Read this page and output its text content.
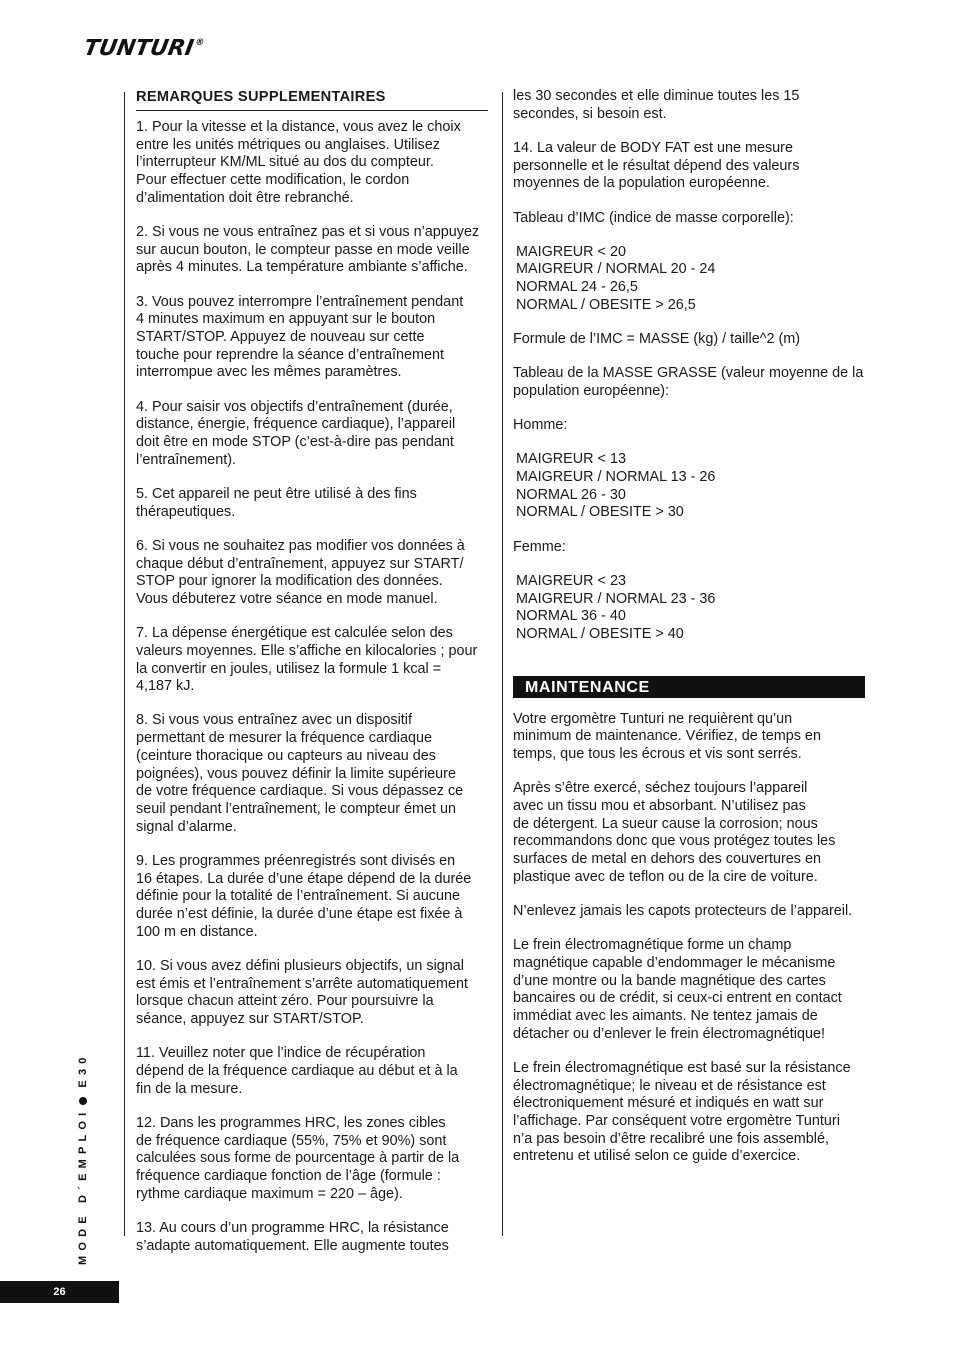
TUNTURI®
REMARQUES SUPPLEMENTAIRES

1. Pour la vitesse et la distance, vous avez le choix
entre les unités métriques ou anglaises. Utilisez
l’interrupteur KM/ML situé au dos du compteur.
Pour effectuer cette modification, le cordon
d’alimentation doit être rebranché.

2. Si vous ne vous entraînez pas et si vous n’appuyez
sur aucun bouton, le compteur passe en mode veille
après 4 minutes. La température ambiante s’affiche.

3. Vous pouvez interrompre l’entraînement pendant
4 minutes maximum en appuyant sur le bouton
START/STOP. Appuyez de nouveau sur cette
touche pour reprendre la séance d’entraînement
interrompue avec les mêmes paramètres.

4. Pour saisir vos objectifs d’entraînement (durée,
distance, énergie, fréquence cardiaque), l’appareil
doit être en mode STOP (c’est-à-dire pas pendant
l’entraînement).

5. Cet appareil ne peut être utilisé à des fins
thérapeutiques.

6. Si vous ne souhaitez pas modifier vos données à
chaque début d’entraînement, appuyez sur START/
STOP pour ignorer la modification des données.
Vous débuterez votre séance en mode manuel.

7. La dépense énergétique est calculée selon des
valeurs moyennes. Elle s’affiche en kilocalories ; pour
la convertir en joules, utilisez la formule 1 kcal =
4,187 kJ.

8. Si vous vous entraînez avec un dispositif
permettant de mesurer la fréquence cardiaque
(ceinture thoracique ou capteurs au niveau des
poignées), vous pouvez définir la limite supérieure
de votre fréquence cardiaque. Si vous dépassez ce
seuil pendant l’entraînement, le compteur émet un
signal d’alarme.

9. Les programmes préenregistrés sont divisés en
16 étapes. La durée d’une étape dépend de la durée
définie pour la totalité de l’entraînement. Si aucune
durée n’est définie, la durée d’une étape est fixée à
100 m en distance.

10. Si vous avez défini plusieurs objectifs, un signal
est émis et l’entraînement s’arrête automatiquement
lorsque chacun atteint zéro. Pour poursuivre la
séance, appuyez sur START/STOP.

11. Veuillez noter que l’indice de récupération
dépend de la fréquence cardiaque au début et à la
fin de la mesure.

12. Dans les programmes HRC, les zones cibles
de fréquence cardiaque (55%, 75% et 90%) sont
calculées sous forme de pourcentage à partir de la
fréquence cardiaque fonction de l’âge (formule :
rythme cardiaque maximum = 220 – âge).

13. Au cours d’un programme HRC, la résistance
s’adapte automatiquement. Elle augmente toutes

les 30 secondes et elle diminue toutes les 15
secondes, si besoin est.

14. La valeur de BODY FAT est une mesure
personnelle et le résultat dépend des valeurs
moyennes de la population européenne.

Tableau d’IMC (indice de masse corporelle):

MAIGREUR < 20
MAIGREUR / NORMAL 20 - 24
NORMAL 24 - 26,5
NORMAL / OBESITE > 26,5

Formule de l’IMC = MASSE (kg) / taille^2 (m)

Tableau de la MASSE GRASSE (valeur moyenne de la
population européenne):

Homme:

MAIGREUR < 13
MAIGREUR / NORMAL 13 - 26
NORMAL 26 - 30
NORMAL / OBESITE > 30

Femme:

MAIGREUR < 23
MAIGREUR / NORMAL 23 - 36
NORMAL 36 - 40
NORMAL / OBESITE > 40

MAINTENANCE

Votre ergomètre Tunturi ne requièrent qu’un
minimum de maintenance. Vérifiez, de temps en
temps, que tous les écrous et vis sont serrés.

Après s’être exercé, séchez toujours l’appareil
avec un tissu mou et absorbant. N’utilisez pas
de détergent. La sueur cause la corrosion; nous
recommandons donc que vous protégez toutes les
surfaces de metal en dehors des couvertures en
plastique avec de teflon ou de la cire de voiture.

N’enlevez jamais les capots protecteurs de l’appareil.

Le frein électromagnétique forme un champ
magnétique capable d’endommager le mécanisme
d’une montre ou la bande magnétique des cartes
bancaires ou de crédit, si ceux-ci entrent en contact
immédiat avec les aimants. Ne tentez jamais de
détacher ou d’enlever le frein électromagnétique!

Le frein électromagnétique est basé sur la résistance
électromagnétique; le niveau et de résistance est
électroniquement mésuré et indiqués en watt sur
l’affichage. Par conséquent votre ergomètre Tunturi
n’a pas besoin d’être recalibré une fois assemblé,
entretenu et utilisé selon ce guide d’exercice.

MODE D´EMPLOI
E30
26
